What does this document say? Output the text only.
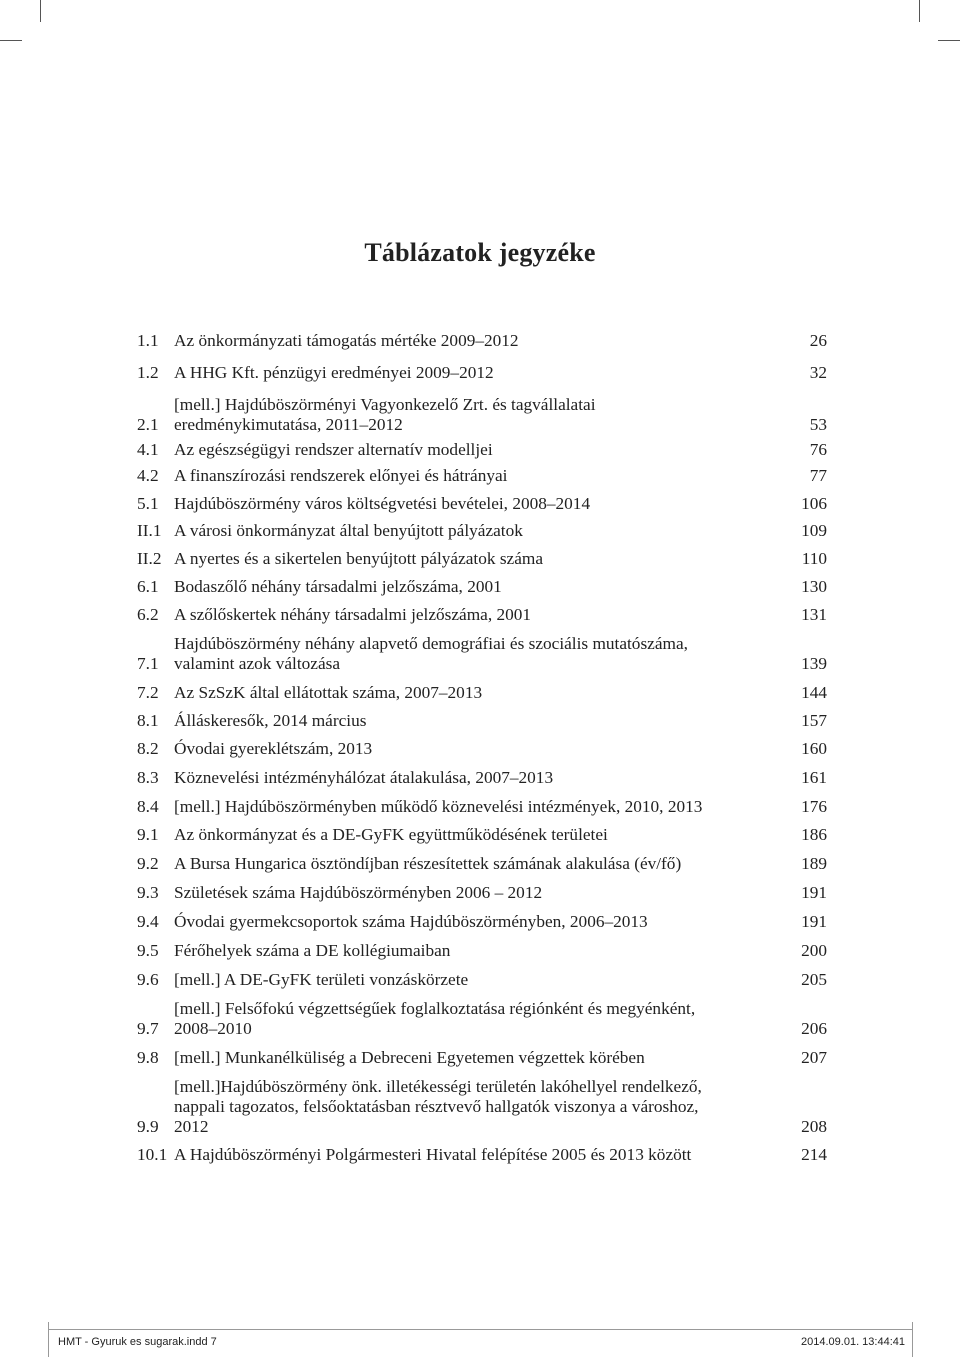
Táblázatok jegyzéke
1.1 Az önkormányzati támogatás mértéke 2009–2012	26
1.2 A HHG Kft. pénzügyi eredményei 2009–2012	32
2.1
[mell.] Hajdúböszörményi Vagyonkezelő Zrt. és tagvállalatai
eredménykimutatása, 2011–2012	53
4.1 Az egészségügyi rendszer alternatív modelljei	76
4.2 A finanszírozási rendszerek előnyei és hátrányai	77
5.1 Hajdúböszörmény város költségvetési bevételei, 2008–2014	106
II.1 A városi önkormányzat által benyújtott pályázatok	109
II.2 A nyertes és a sikertelen benyújtott pályázatok száma	110
6.1 Bodaszőlő néhány társadalmi jelzőszáma, 2001	130
6.2 A szőlőskertek néhány társadalmi jelzőszáma, 2001	131
7.1
Hajdúböszörmény néhány alapvető demográfiai és szociális mutatószáma,
valamint azok változása	139
7.2 Az SzSzK által ellátottak száma, 2007–2013	144
8.1 Álláskeresők, 2014 március	157
8.2 Óvodai gyereklétszám, 2013	160
8.3 Köznevelési intézményhálózat átalakulása, 2007–2013	161
8.4 [mell.] Hajdúböszörményben működő köznevelési intézmények, 2010, 2013	176
9.1 Az önkormányzat és a DE-GyFK együttműködésének területei	186
9.2 A Bursa Hungarica ösztöndíjban részesítettek számának alakulása (év/fő)	189
9.3 Születések száma Hajdúböszörményben 2006 – 2012	191
9.4 Óvodai gyermekcsoportok száma Hajdúböszörményben, 2006–2013	191
9.5 Férőhelyek száma a DE kollégiumaiban	200
9.6 [mell.] A DE-GyFK területi vonzáskörzete	205
9.7
[mell.] Felsőfokú végzettségűek foglalkoztatása régiónként és megyénként,
2008–2010	206
9.8 [mell.] Munkanélküliség a Debreceni Egyetemen végzettek körében	207
9.9
[mell.]Hajdúböszörmény önk. illetékességi területén lakóhellyel rendelkező,
nappali tagozatos, felsőoktatásban résztvevő hallgatók viszonya a városhoz,
2012	208
10.1 A Hajdúböszörményi Polgármesteri Hivatal felépítése 2005 és 2013 között	214
HMT - Gyuruk es sugarak.indd 7	2014.09.01. 13:44:41
